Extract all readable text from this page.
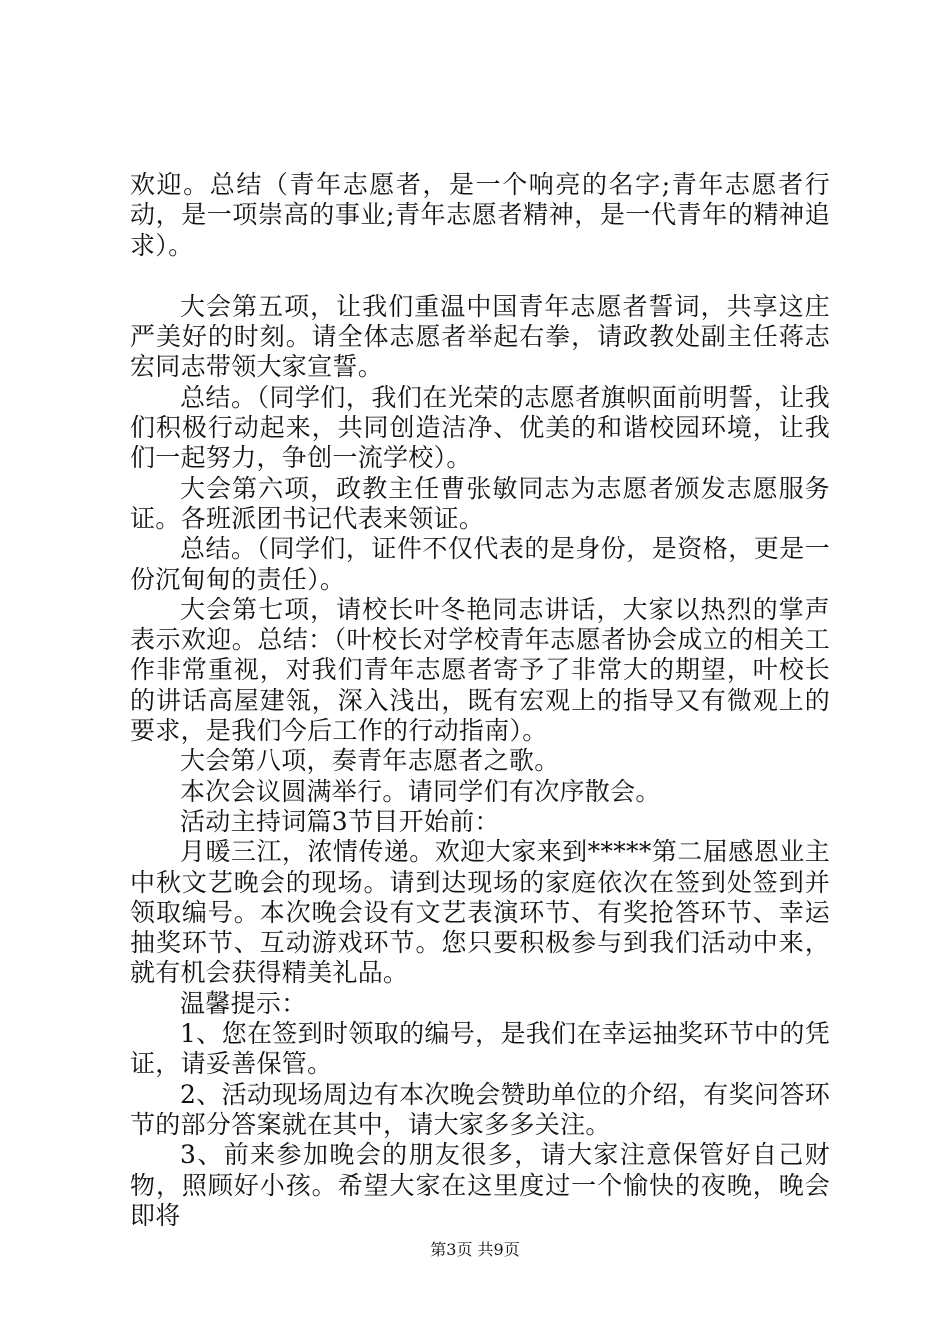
欢迎。总结（青年志愿者，是一个响亮的名字;青年志愿者行动，是一项崇高的事业;青年志愿者精神，是一代青年的精神追求）。

大会第五项，让我们重温中国青年志愿者誓词，共享这庄严美好的时刻。请全体志愿者举起右拳，请政教处副主任蒋志宏同志带领大家宣誓。

总结。（同学们，我们在光荣的志愿者旗帜面前明誓，让我们积极行动起来，共同创造洁净、优美的和谐校园环境，让我们一起努力，争创一流学校）。

大会第六项，政教主任曹张敏同志为志愿者颁发志愿服务证。各班派团书记代表来领证。

总结。（同学们，证件不仅代表的是身份，是资格，更是一份沉甸甸的责任）。

大会第七项，请校长叶冬艳同志讲话，大家以热烈的掌声表示欢迎。总结：（叶校长对学校青年志愿者协会成立的相关工作非常重视，对我们青年志愿者寄予了非常大的期望，叶校长的讲话高屋建瓴，深入浅出，既有宏观上的指导又有微观上的要求，是我们今后工作的行动指南）。

大会第八项，奏青年志愿者之歌。

本次会议圆满举行。请同学们有次序散会。

活动主持词篇3节目开始前：

月暖三江，浓情传递。欢迎大家来到*****第二届感恩业主中秋文艺晚会的现场。请到达现场的家庭依次在签到处签到并领取编号。本次晚会设有文艺表演环节、有奖抢答环节、幸运抽奖环节、互动游戏环节。您只要积极参与到我们活动中来，就有机会获得精美礼品。

温馨提示：

1、您在签到时领取的编号，是我们在幸运抽奖环节中的凭证，请妥善保管。

2、活动现场周边有本次晚会赞助单位的介绍，有奖问答环节的部分答案就在其中，请大家多多关注。

3、前来参加晚会的朋友很多，请大家注意保管好自己财物，照顾好小孩。希望大家在这里度过一个愉快的夜晚，晚会即将

第3页 共9页
